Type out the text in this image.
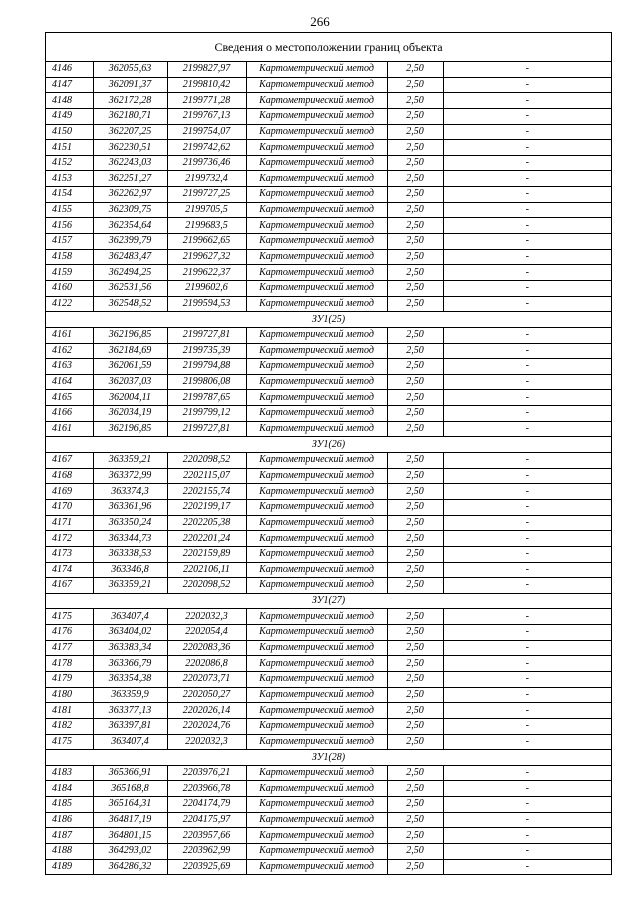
266
Сведения о местоположении границ объекта
4146	362055,63	2199827,97	Картометрический метод	2,50	-
4147	362091,37	2199810,42	Картометрический метод	2,50	-
4148	362172,28	2199771,28	Картометрический метод	2,50	-
4149	362180,71	2199767,13	Картометрический метод	2,50	-
4150	362207,25	2199754,07	Картометрический метод	2,50	-
4151	362230,51	2199742,62	Картометрический метод	2,50	-
4152	362243,03	2199736,46	Картометрический метод	2,50	-
4153	362251,27	2199732,4	Картометрический метод	2,50	-
4154	362262,97	2199727,25	Картометрический метод	2,50	-
4155	362309,75	2199705,5	Картометрический метод	2,50	-
4156	362354,64	2199683,5	Картометрический метод	2,50	-
4157	362399,79	2199662,65	Картометрический метод	2,50	-
4158	362483,47	2199627,32	Картометрический метод	2,50	-
4159	362494,25	2199622,37	Картометрический метод	2,50	-
4160	362531,56	2199602,6	Картометрический метод	2,50	-
4122	362548,52	2199594,53	Картометрический метод	2,50	-
ЗУ1(25)					
4161	362196,85	2199727,81	Картометрический метод	2,50	-
4162	362184,69	2199735,39	Картометрический метод	2,50	-
4163	362061,59	2199794,88	Картометрический метод	2,50	-
4164	362037,03	2199806,08	Картометрический метод	2,50	-
4165	362004,11	2199787,65	Картометрический метод	2,50	-
4166	362034,19	2199799,12	Картометрический метод	2,50	-
4161	362196,85	2199727,81	Картометрический метод	2,50	-
ЗУ1(26)					
4167	363359,21	2202098,52	Картометрический метод	2,50	-
4168	363372,99	2202115,07	Картометрический метод	2,50	-
4169	363374,3	2202155,74	Картометрический метод	2,50	-
4170	363361,96	2202199,17	Картометрический метод	2,50	-
4171	363350,24	2202205,38	Картометрический метод	2,50	-
4172	363344,73	2202201,24	Картометрический метод	2,50	-
4173	363338,53	2202159,89	Картометрический метод	2,50	-
4174	363346,8	2202106,11	Картометрический метод	2,50	-
4167	363359,21	2202098,52	Картометрический метод	2,50	-
ЗУ1(27)					
4175	363407,4	2202032,3	Картометрический метод	2,50	-
4176	363404,02	2202054,4	Картометрический метод	2,50	-
4177	363383,34	2202083,36	Картометрический метод	2,50	-
4178	363366,79	2202086,8	Картометрический метод	2,50	-
4179	363354,38	2202073,71	Картометрический метод	2,50	-
4180	363359,9	2202050,27	Картометрический метод	2,50	-
4181	363377,13	2202026,14	Картометрический метод	2,50	-
4182	363397,81	2202024,76	Картометрический метод	2,50	-
4175	363407,4	2202032,3	Картометрический метод	2,50	-
ЗУ1(28)					
4183	365366,91	2203976,21	Картометрический метод	2,50	-
4184	365168,8	2203966,78	Картометрический метод	2,50	-
4185	365164,31	2204174,79	Картометрический метод	2,50	-
4186	364817,19	2204175,97	Картометрический метод	2,50	-
4187	364801,15	2203957,66	Картометрический метод	2,50	-
4188	364293,02	2203962,99	Картометрический метод	2,50	-
4189	364286,32	2203925,69	Картометрический метод	2,50	-
